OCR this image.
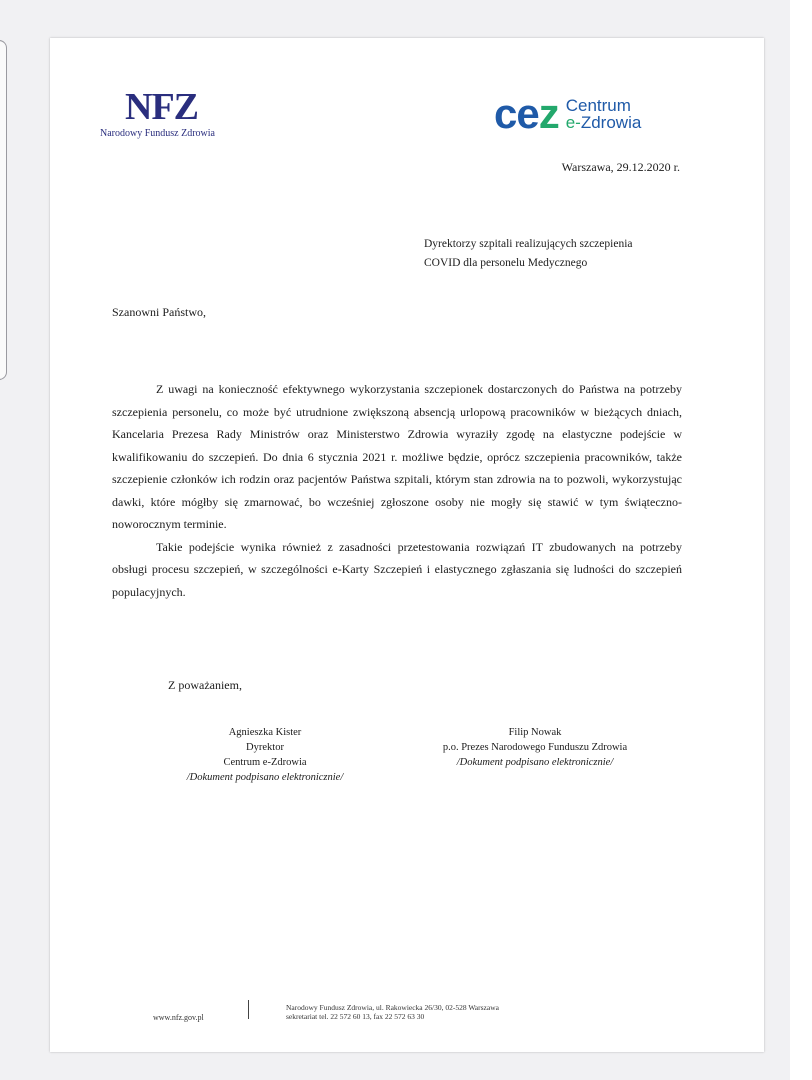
NFZ
Narodowy Fundusz Zdrowia	cez Centrum
e-Zdrowia
Warszawa, 29.12.2020 r.
Dyrektorzy szpitali realizujących szczepienia
COVID dla personelu Medycznego
Szanowni Państwo,

Z uwagi na konieczność efektywnego wykorzystania szczepionek dostarczonych do Państwa na potrzeby szczepienia personelu, co może być utrudnione zwiększoną absencją urlopową pracowników w bieżących dniach, Kancelaria Prezesa Rady Ministrów oraz Ministerstwo Zdrowia wyraziły zgodę na elastyczne podejście w kwalifikowaniu do szczepień. Do dnia 6 stycznia 2021 r. możliwe będzie, oprócz szczepienia pracowników, także szczepienie członków ich rodzin oraz pacjentów Państwa szpitali, którym stan zdrowia na to pozwoli, wykorzystując dawki, które mógłby się zmarnować, bo wcześniej zgłoszone osoby nie mogły się stawić w tym świąteczno-noworocznym terminie.

Takie podejście wynika również z zasadności przetestowania rozwiązań IT zbudowanych na potrzeby obsługi procesu szczepień, w szczególności e-Karty Szczepień i elastycznego zgłaszania się ludności do szczepień populacyjnych.

Z poważaniem,
Agnieszka Kister
Dyrektor
Centrum e-Zdrowia
/Dokument podpisano elektronicznie/
Filip Nowak
p.o. Prezes Narodowego Funduszu Zdrowia
/Dokument podpisano elektronicznie/
www.nfz.gov.pl
Narodowy Fundusz Zdrowia, ul. Rakowiecka 26/30, 02-528 Warszawa
sekretariat tel. 22 572 60 13, fax 22 572 63 30
